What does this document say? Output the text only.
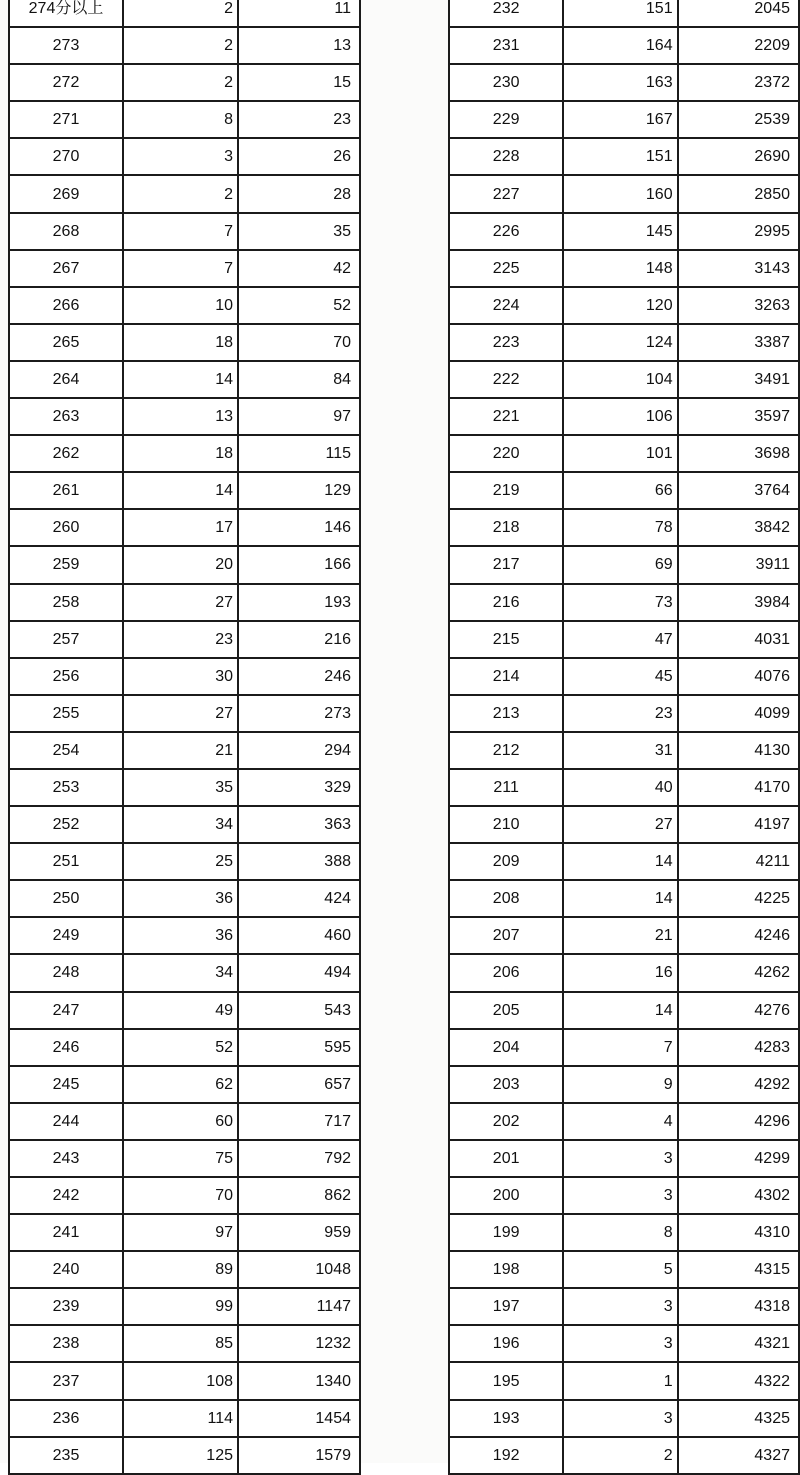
274分以上	2	11
273	2	13
272	2	15
271	8	23
270	3	26
269	2	28
268	7	35
267	7	42
266	10	52
265	18	70
264	14	84
263	13	97
262	18	115
261	14	129
260	17	146
259	20	166
258	27	193
257	23	216
256	30	246
255	27	273
254	21	294
253	35	329
252	34	363
251	25	388
250	36	424
249	36	460
248	34	494
247	49	543
246	52	595
245	62	657
244	60	717
243	75	792
242	70	862
241	97	959
240	89	1048
239	99	1147
238	85	1232
237	108	1340
236	114	1454
235	125	1579
232	151	2045
231	164	2209
230	163	2372
229	167	2539
228	151	2690
227	160	2850
226	145	2995
225	148	3143
224	120	3263
223	124	3387
222	104	3491
221	106	3597
220	101	3698
219	66	3764
218	78	3842
217	69	3911
216	73	3984
215	47	4031
214	45	4076
213	23	4099
212	31	4130
211	40	4170
210	27	4197
209	14	4211
208	14	4225
207	21	4246
206	16	4262
205	14	4276
204	7	4283
203	9	4292
202	4	4296
201	3	4299
200	3	4302
199	8	4310
198	5	4315
197	3	4318
196	3	4321
195	1	4322
193	3	4325
192	2	4327
